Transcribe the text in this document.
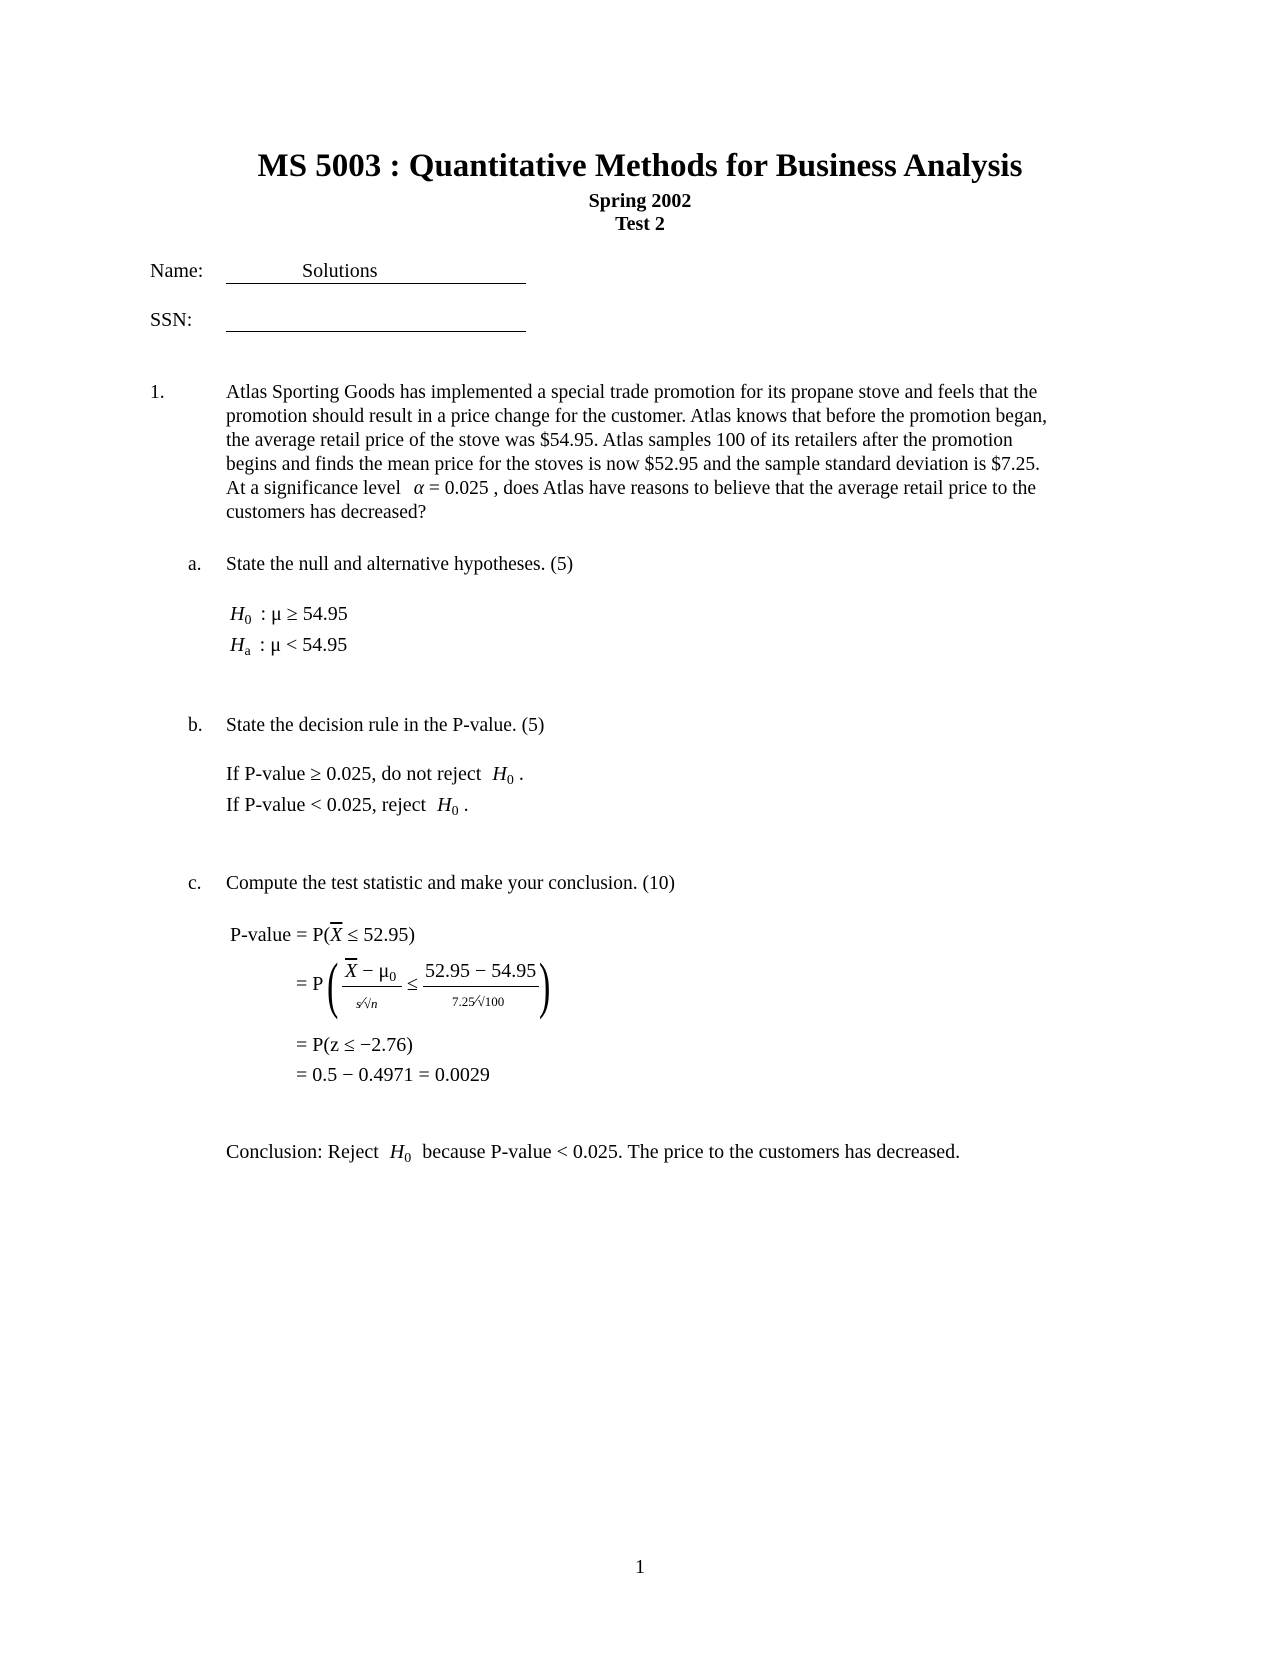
MS 5003 : Quantitative Methods for Business Analysis
Spring 2002
Test 2
Name:	Solutions
SSN:
1.	Atlas Sporting Goods has implemented a special trade promotion for its propane stove and feels that the
promotion should result in a price change for the customer. Atlas knows that before the promotion began,
the average retail price of the stove was $54.95. Atlas samples 100 of its retailers after the promotion
begins and finds the mean price for the stoves is now $52.95 and the sample standard deviation is $7.25.
At a significance level α = 0.025 , does Atlas have reasons to believe that the average retail price to the
customers has decreased?
a. State the null and alternative hypotheses. (5)
$H_0$ : μ ≥ 54.95
$H_a$ : μ < 54.95
b. State the decision rule in the P-value. (5)
If P-value ≥ 0.025, do not reject $H_0$ .
If P-value < 0.025, reject $H_0$ .
c. Compute the test statistic and make your conclusion. (10)
P-value = $P(\overline{X} \le 52.95)$
= P ( $\overline{X} - \mu_0$
s⁄√n
≤
52.95 − 54.95
7.25⁄√100 )
= P(z ≤ −2.76)
= 0.5 − 0.4971 = 0.0029
Conclusion: Reject $H_0$ because P-value < 0.025. The price to the customers has decreased.
1
